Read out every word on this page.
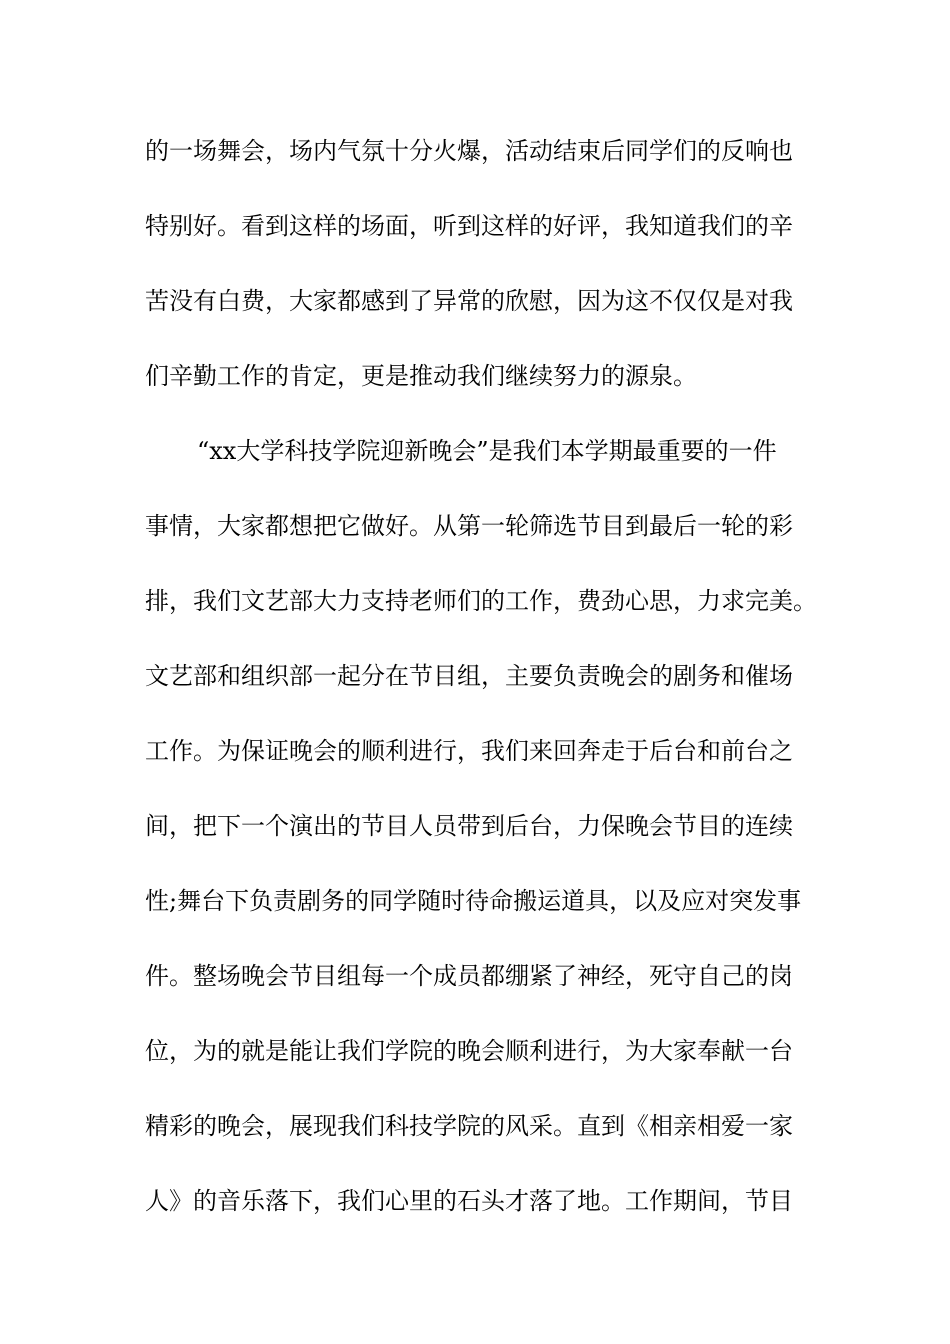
的一场舞会，场内气氛十分火爆，活动结束后同学们的反响也
特别好。看到这样的场面，听到这样的好评，我知道我们的辛
苦没有白费，大家都感到了异常的欣慰，因为这不仅仅是对我
们辛勤工作的肯定，更是推动我们继续努力的源泉。
“xx大学科技学院迎新晚会”是我们本学期最重要的一件
事情，大家都想把它做好。从第一轮筛选节目到最后一轮的彩
排，我们文艺部大力支持老师们的工作，费劲心思，力求完美。
文艺部和组织部一起分在节目组，主要负责晚会的剧务和催场
工作。为保证晚会的顺利进行，我们来回奔走于后台和前台之
间，把下一个演出的节目人员带到后台，力保晚会节目的连续
性;舞台下负责剧务的同学随时待命搬运道具，以及应对突发事
件。整场晚会节目组每一个成员都绷紧了神经，死守自己的岗
位，为的就是能让我们学院的晚会顺利进行，为大家奉献一台
精彩的晚会，展现我们科技学院的风采。直到《相亲相爱一家
人》的音乐落下，我们心里的石头才落了地。工作期间，节目
